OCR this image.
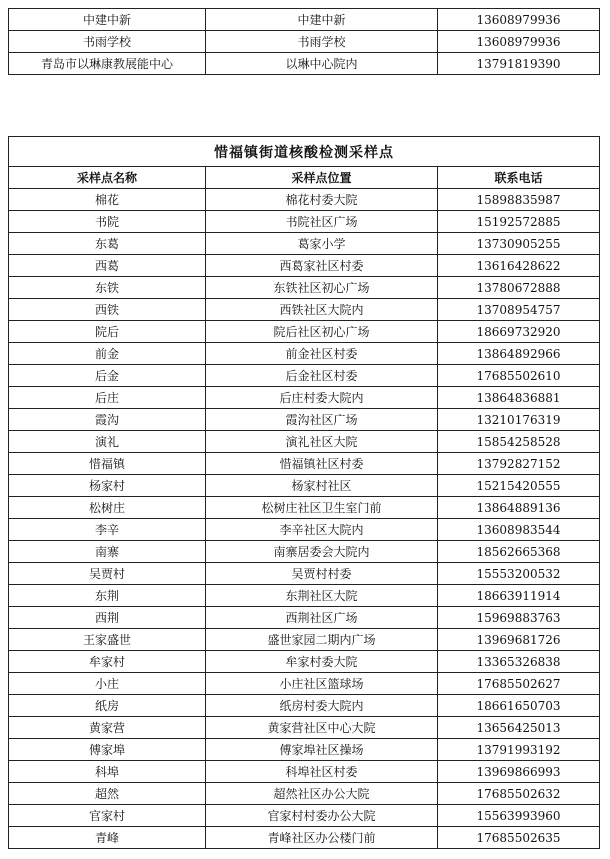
中建中新	中建中新	13608979936
书雨学校	书雨学校	13608979936
青岛市以琳康教展能中心	以琳中心院内	13791819390
惜福镇街道核酸检测采样点		
采样点名称	采样点位置	联系电话
棉花	棉花村委大院	15898835987
书院	书院社区广场	15192572885
东葛	葛家小学	13730905255
西葛	西葛家社区村委	13616428622
东铁	东铁社区初心广场	13780672888
西铁	西铁社区大院内	13708954757
院后	院后社区初心广场	18669732920
前金	前金社区村委	13864892966
后金	后金社区村委	17685502610
后庄	后庄村委大院内	13864836881
霞沟	霞沟社区广场	13210176319
演礼	演礼社区大院	15854258528
惜福镇	惜福镇社区村委	13792827152
杨家村	杨家村社区	15215420555
松树庄	松树庄社区卫生室门前	13864889136
李辛	李辛社区大院内	13608983544
南寨	南寨居委会大院内	18562665368
吴贾村	吴贾村村委	15553200532
东荆	东荆社区大院	18663911914
西荆	西荆社区广场	15969883763
王家盛世	盛世家园二期内广场	13969681726
牟家村	牟家村委大院	13365326838
小庄	小庄社区篮球场	17685502627
纸房	纸房村委大院内	18661650703
黄家营	黄家营社区中心大院	13656425013
傅家埠	傅家埠社区操场	13791993192
科埠	科埠社区村委	13969866993
超然	超然社区办公大院	17685502632
官家村	官家村村委办公大院	15563993960
青峰	青峰社区办公楼门前	17685502635
